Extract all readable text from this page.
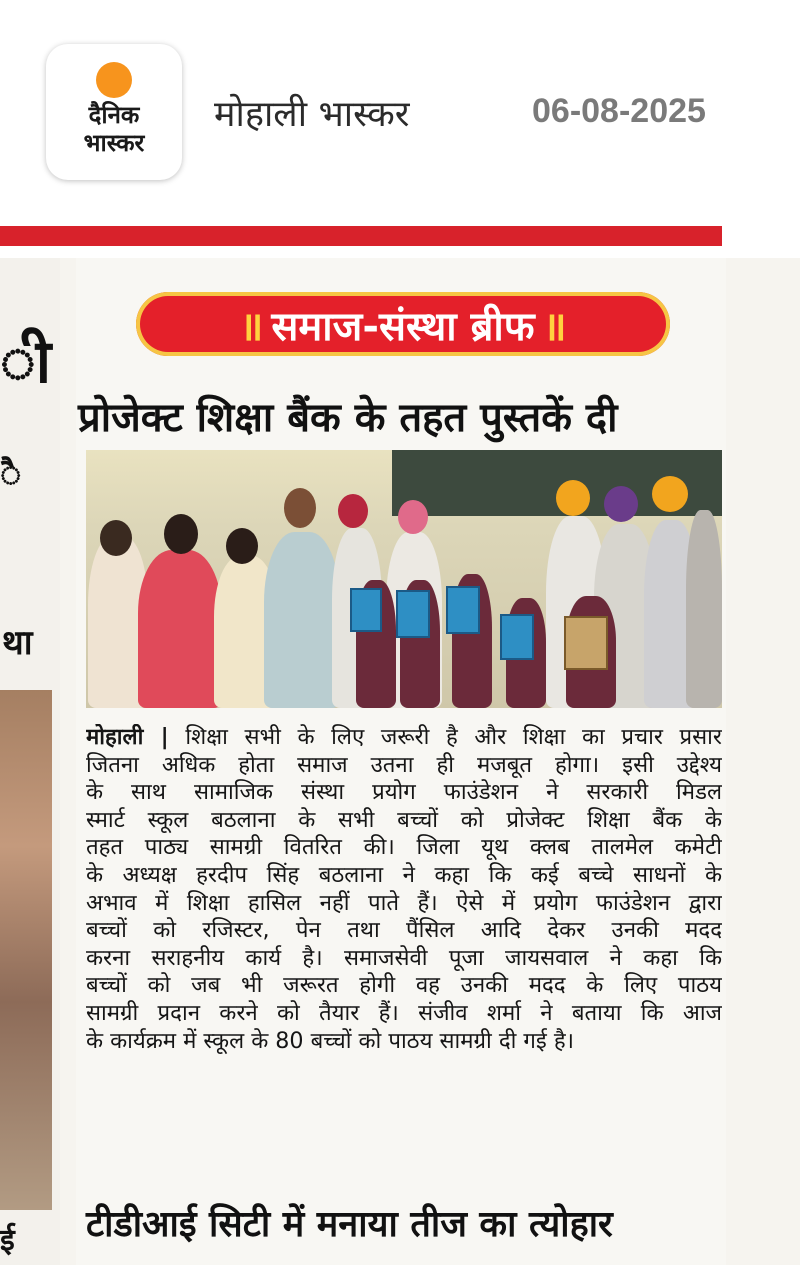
दैनिक
भास्कर
मोहाली भास्कर	06-08-2025
ी
ै
था
ई
॥ समाज-संस्था ब्रीफ ॥
प्रोजेक्ट शिक्षा बैंक के तहत पुस्तकें दी
मोहाली | शिक्षा सभी के लिए जरूरी है और शिक्षा का प्रचार प्रसार
जितना अधिक होता समाज उतना ही मजबूत होगा। इसी उद्देश्य
के साथ सामाजिक संस्था प्रयोग फाउंडेशन ने सरकारी मिडल
स्मार्ट स्कूल बठलाना के सभी बच्चों को प्रोजेक्ट शिक्षा बैंक के
तहत पाठ्य सामग्री वितरित की। जिला यूथ क्लब तालमेल कमेटी
के अध्यक्ष हरदीप सिंह बठलाना ने कहा कि कई बच्चे साधनों के
अभाव में शिक्षा हासिल नहीं पाते हैं। ऐसे में प्रयोग फाउंडेशन द्वारा
बच्चों को रजिस्टर, पेन तथा पैंसिल आदि देकर उनकी मदद
करना सराहनीय कार्य है। समाजसेवी पूजा जायसवाल ने कहा कि
बच्चों को जब भी जरूरत होगी वह उनकी मदद के लिए पाठय
सामग्री प्रदान करने को तैयार हैं। संजीव शर्मा ने बताया कि आज
के कार्यक्रम में स्कूल के 80 बच्चों को पाठय सामग्री दी गई है।
टीडीआई सिटी में मनाया तीज का त्योहार
